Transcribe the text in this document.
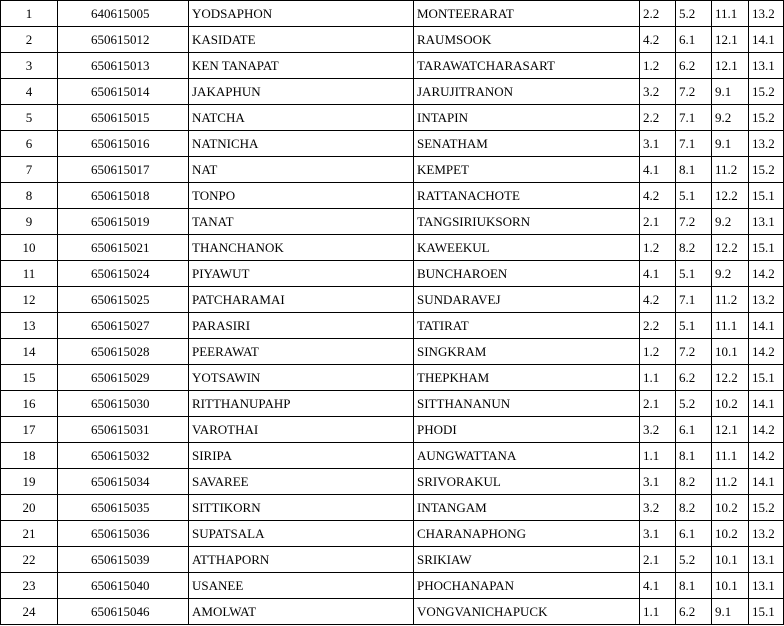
1	640615005	YODSAPHON	MONTEERARAT	2.2	5.2	11.1	13.2
2	650615012	KASIDATE	RAUMSOOK	4.2	6.1	12.1	14.1
3	650615013	KEN TANAPAT	TARAWATCHARASART	1.2	6.2	12.1	13.1
4	650615014	JAKAPHUN	JARUJITRANON	3.2	7.2	9.1	15.2
5	650615015	NATCHA	INTAPIN	2.2	7.1	9.2	15.2
6	650615016	NATNICHA	SENATHAM	3.1	7.1	9.1	13.2
7	650615017	NAT	KEMPET	4.1	8.1	11.2	15.2
8	650615018	TONPO	RATTANACHOTE	4.2	5.1	12.2	15.1
9	650615019	TANAT	TANGSIRIUKSORN	2.1	7.2	9.2	13.1
10	650615021	THANCHANOK	KAWEEKUL	1.2	8.2	12.2	15.1
11	650615024	PIYAWUT	BUNCHAROEN	4.1	5.1	9.2	14.2
12	650615025	PATCHARAMAI	SUNDARAVEJ	4.2	7.1	11.2	13.2
13	650615027	PARASIRI	TATIRAT	2.2	5.1	11.1	14.1
14	650615028	PEERAWAT	SINGKRAM	1.2	7.2	10.1	14.2
15	650615029	YOTSAWIN	THEPKHAM	1.1	6.2	12.2	15.1
16	650615030	RITTHANUPAHP	SITTHANANUN	2.1	5.2	10.2	14.1
17	650615031	VAROTHAI	PHODI	3.2	6.1	12.1	14.2
18	650615032	SIRIPA	AUNGWATTANA	1.1	8.1	11.1	14.2
19	650615034	SAVAREE	SRIVORAKUL	3.1	8.2	11.2	14.1
20	650615035	SITTIKORN	INTANGAM	3.2	8.2	10.2	15.2
21	650615036	SUPATSALA	CHARANAPHONG	3.1	6.1	10.2	13.2
22	650615039	ATTHAPORN	SRIKIAW	2.1	5.2	10.1	13.1
23	650615040	USANEE	PHOCHANAPAN	4.1	8.1	10.1	13.1
24	650615046	AMOLWAT	VONGVANICHAPUCK	1.1	6.2	9.1	15.1
